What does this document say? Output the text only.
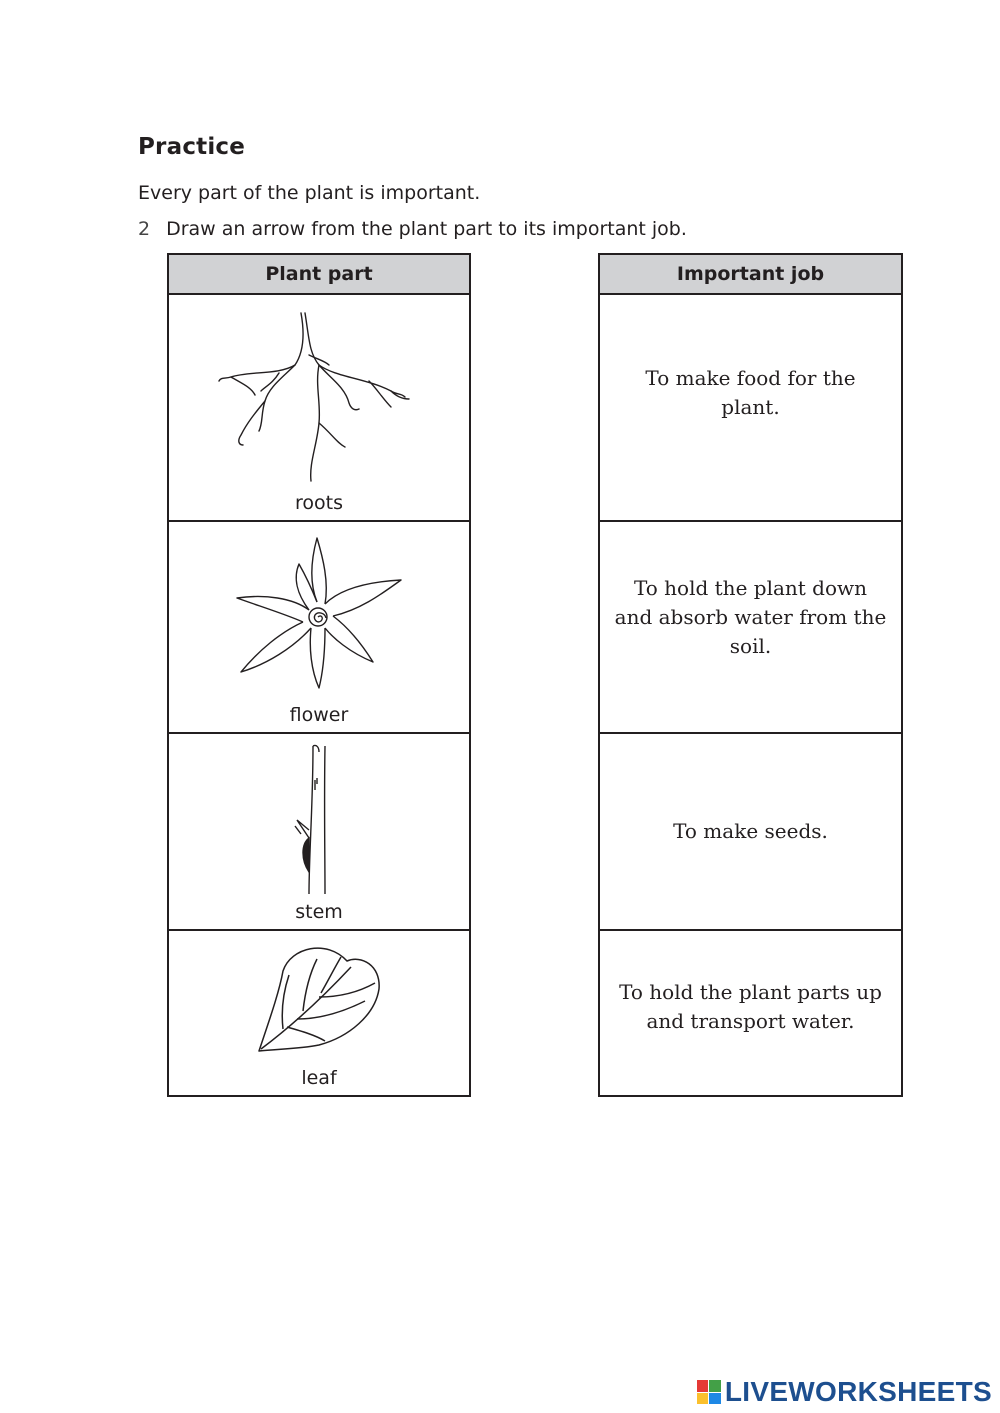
Practice
Every part of the plant is important.
2 Draw an arrow from the plant part to its important job.
Plant part
roots
flower
stem
leaf
Important job
To make food for the plant.
To hold the plant down and absorb water from the soil.
To make seeds.
To hold the plant parts up and transport water.
LIVEWORKSHEETS
